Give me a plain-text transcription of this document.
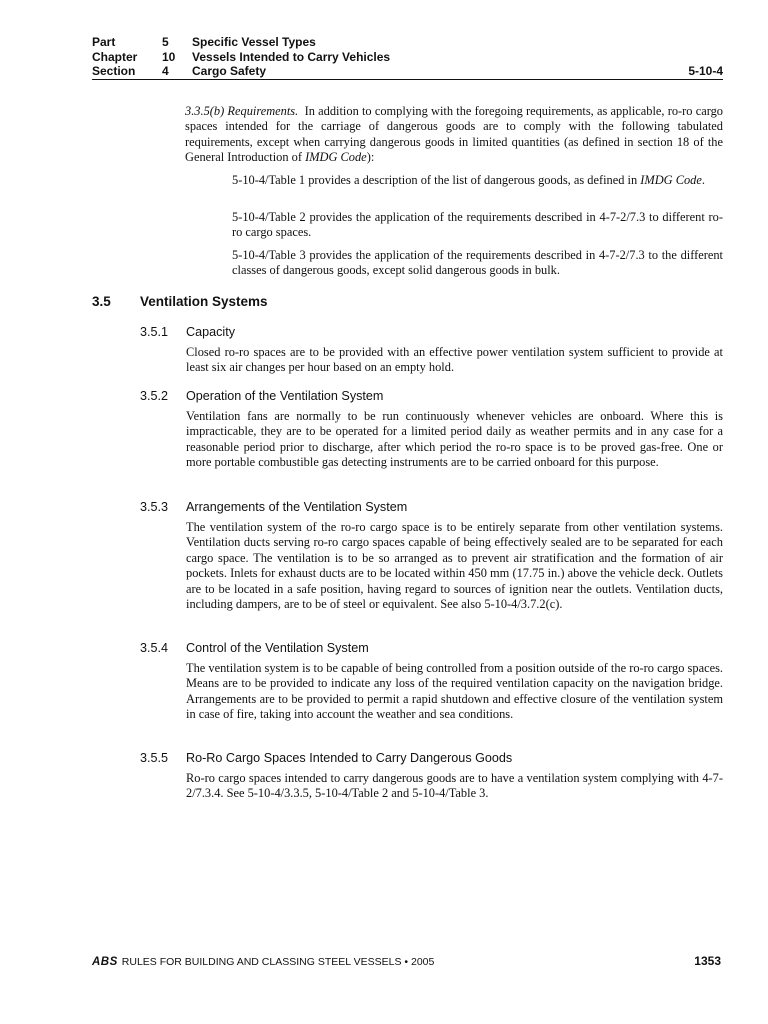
Part	5	Specific Vessel Types
Chapter	10	Vessels Intended to Carry Vehicles
Section	4	Cargo Safety	5-10-4
3.3.5(b) Requirements.  In addition to complying with the foregoing requirements, as applicable, ro-ro cargo spaces intended for the carriage of dangerous goods are to comply with the following tabulated requirements, except when carrying dangerous goods in limited quantities (as defined in section 18 of the General Introduction of IMDG Code):
5-10-4/Table 1 provides a description of the list of dangerous goods, as defined in IMDG Code.
5-10-4/Table 2 provides the application of the requirements described in 4-7-2/7.3 to different ro-ro cargo spaces.
5-10-4/Table 3 provides the application of the requirements described in 4-7-2/7.3 to the different classes of dangerous goods, except solid dangerous goods in bulk.
3.5 Ventilation Systems
3.5.1 Capacity
Closed ro-ro spaces are to be provided with an effective power ventilation system sufficient to provide at least six air changes per hour based on an empty hold.
3.5.2 Operation of the Ventilation System
Ventilation fans are normally to be run continuously whenever vehicles are onboard. Where this is impracticable, they are to be operated for a limited period daily as weather permits and in any case for a reasonable period prior to discharge, after which period the ro-ro space is to be proved gas-free. One or more portable combustible gas detecting instruments are to be carried onboard for this purpose.
3.5.3 Arrangements of the Ventilation System
The ventilation system of the ro-ro cargo space is to be entirely separate from other ventilation systems. Ventilation ducts serving ro-ro cargo spaces capable of being effectively sealed are to be separated for each cargo space. The ventilation is to be so arranged as to prevent air stratification and the formation of air pockets. Inlets for exhaust ducts are to be located within 450 mm (17.75 in.) above the vehicle deck. Outlets are to be located in a safe position, having regard to sources of ignition near the outlets. Ventilation ducts, including dampers, are to be of steel or equivalent. See also 5-10-4/3.7.2(c).
3.5.4 Control of the Ventilation System
The ventilation system is to be capable of being controlled from a position outside of the ro-ro cargo spaces. Means are to be provided to indicate any loss of the required ventilation capacity on the navigation bridge. Arrangements are to be provided to permit a rapid shutdown and effective closure of the ventilation system in case of fire, taking into account the weather and sea conditions.
3.5.5 Ro-Ro Cargo Spaces Intended to Carry Dangerous Goods
Ro-ro cargo spaces intended to carry dangerous goods are to have a ventilation system complying with 4-7-2/7.3.4. See 5-10-4/3.3.5, 5-10-4/Table 2 and 5-10-4/Table 3.
ABS RULES FOR BUILDING AND CLASSING STEEL VESSELS • 2005	1353
